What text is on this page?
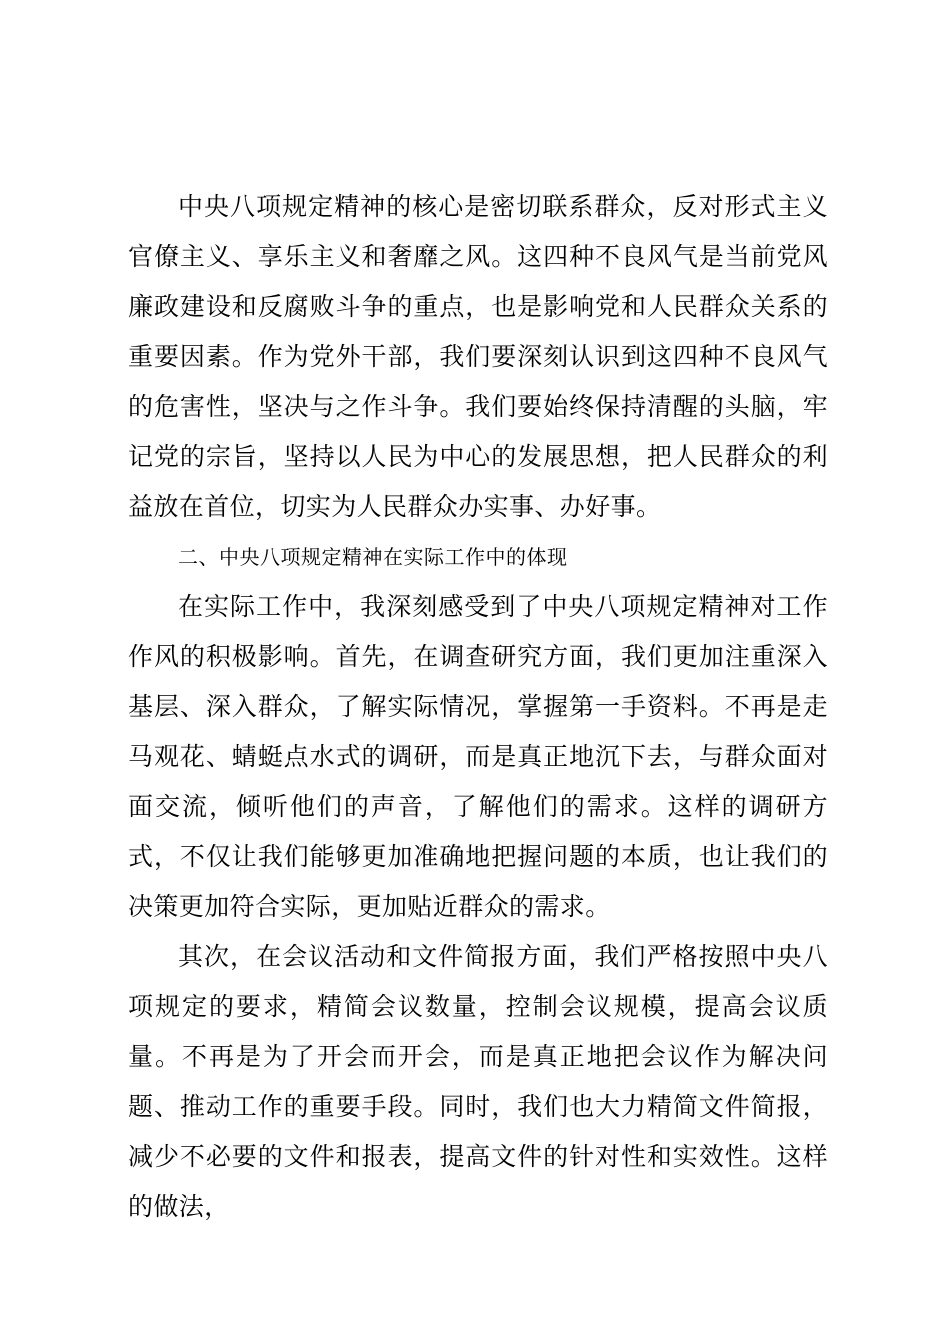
中央八项规定精神的核心是密切联系群众，反对形式主义官僚主义、享乐主义和奢靡之风。这四种不良风气是当前党风廉政建设和反腐败斗争的重点，也是影响党和人民群众关系的重要因素。作为党外干部，我们要深刻认识到这四种不良风气的危害性，坚决与之作斗争。我们要始终保持清醒的头脑，牢记党的宗旨，坚持以人民为中心的发展思想，把人民群众的利益放在首位，切实为人民群众办实事、办好事。

二、中央八项规定精神在实际工作中的体现

在实际工作中，我深刻感受到了中央八项规定精神对工作作风的积极影响。首先，在调查研究方面，我们更加注重深入基层、深入群众，了解实际情况，掌握第一手资料。不再是走马观花、蜻蜓点水式的调研，而是真正地沉下去，与群众面对面交流，倾听他们的声音，了解他们的需求。这样的调研方式，不仅让我们能够更加准确地把握问题的本质，也让我们的决策更加符合实际，更加贴近群众的需求。

其次，在会议活动和文件简报方面，我们严格按照中央八项规定的要求，精简会议数量，控制会议规模，提高会议质量。不再是为了开会而开会，而是真正地把会议作为解决问题、推动工作的重要手段。同时，我们也大力精简文件简报，减少不必要的文件和报表，提高文件的针对性和实效性。这样的做法，
